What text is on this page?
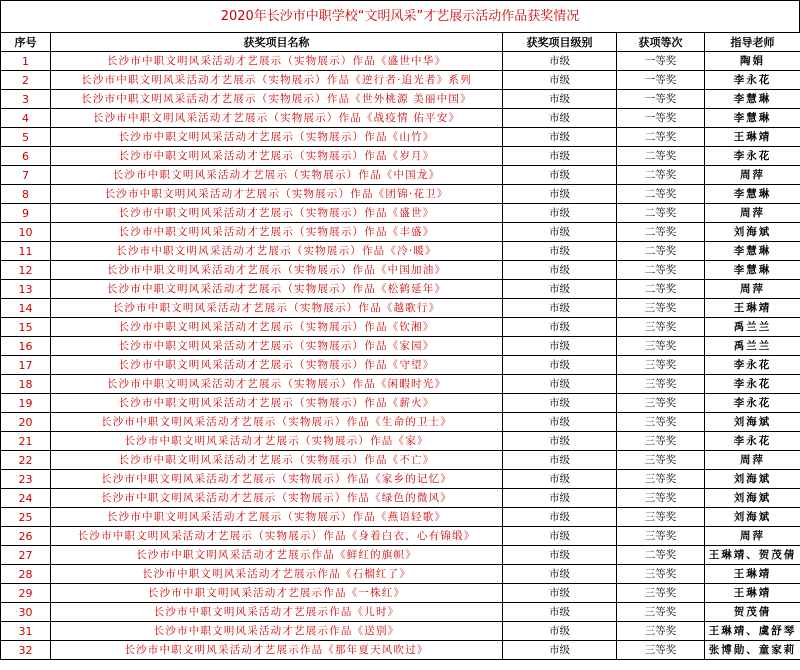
2020年长沙市中职学校“文明风采”才艺展示活动作品获奖情况
序号	获奖项目名称	获奖项目级别	获项等次	指导老师
1	长沙市中职文明风采活动才艺展示（实物展示）作品《盛世中华》	市级	一等奖	陶娟
2	长沙市中职文明风采活动才艺展示（实物展示）作品《逆行者·追光者》系列	市级	一等奖	李永花
3	长沙市中职文明风采活动才艺展示（实物展示）作品《世外桃源 美丽中国》	市级	一等奖	李慧琳
4	长沙市中职文明风采活动才艺展示（实物展示）作品《战疫情 佑平安》	市级	一等奖	李慧琳
5	长沙市中职文明风采活动才艺展示（实物展示）作品《山竹》	市级	二等奖	王琳靖
6	长沙市中职文明风采活动才艺展示（实物展示）作品《岁月》	市级	二等奖	李永花
7	长沙市中职文明风采活动才艺展示（实物展示）作品《中国龙》	市级	二等奖	周萍
8	长沙市中职文明风采活动才艺展示（实物展示）作品《团锦·花卫》	市级	二等奖	李慧琳
9	长沙市中职文明风采活动才艺展示（实物展示）作品《盛世》	市级	二等奖	周萍
10	长沙市中职文明风采活动才艺展示（实物展示）作品《丰盛》	市级	二等奖	刘海斌
11	长沙市中职文明风采活动才艺展示（实物展示）作品《冷·暖》	市级	二等奖	李慧琳
12	长沙市中职文明风采活动才艺展示（实物展示）作品《中国加油》	市级	二等奖	李慧琳
13	长沙市中职文明风采活动才艺展示（实物展示）作品《松鹤延年》	市级	二等奖	周萍
14	长沙市中职文明风采活动才艺展示（实物展示）作品《越歌行》	市级	三等奖	王琳靖
15	长沙市中职文明风采活动才艺展示（实物展示）作品《钦湘》	市级	三等奖	禹兰兰
16	长沙市中职文明风采活动才艺展示（实物展示）作品《家园》	市级	三等奖	禹兰兰
17	长沙市中职文明风采活动才艺展示（实物展示）作品《守望》	市级	三等奖	李永花
18	长沙市中职文明风采活动才艺展示（实物展示）作品《闲暇时光》	市级	三等奖	李永花
19	长沙市中职文明风采活动才艺展示（实物展示）作品《薪火》	市级	三等奖	李永花
20	长沙市中职文明风采活动才艺展示（实物展示）作品《生命的卫士》	市级	三等奖	刘海斌
21	长沙市中职文明风采活动才艺展示（实物展示）作品《家》	市级	三等奖	李永花
22	长沙市中职文明风采活动才艺展示（实物展示）作品《不亡》	市级	三等奖	周萍
23	长沙市中职文明风采活动才艺展示（实物展示）作品《家乡的记忆》	市级	三等奖	刘海斌
24	长沙市中职文明风采活动才艺展示（实物展示）作品《绿色的微风》	市级	三等奖	刘海斌
25	长沙市中职文明风采活动才艺展示（实物展示）作品《燕语轻歌》	市级	三等奖	刘海斌
26	长沙市中职文明风采活动才艺展示（实物展示）作品《身着白衣，心有锦缎》	市级	三等奖	周萍
27	长沙市中职文明风采活动才艺展示作品《鲜红的旗帜》	市级	二等奖	王琳靖、贺茂倩
28	长沙市中职文明风采活动才艺展示作品《石榴红了》	市级	三等奖	王琳靖
29	长沙市中职文明风采活动才艺展示作品《一株红》	市级	三等奖	王琳靖
30	长沙市中职文明风采活动才艺展示作品《儿时》	市级	三等奖	贺茂倩
31	长沙市中职文明风采活动才艺展示作品《送别》	市级	三等奖	王琳靖、虞舒琴
32	长沙市中职文明风采活动才艺展示作品《那年夏天风吹过》	市级	三等奖	张博勋、童家莉
